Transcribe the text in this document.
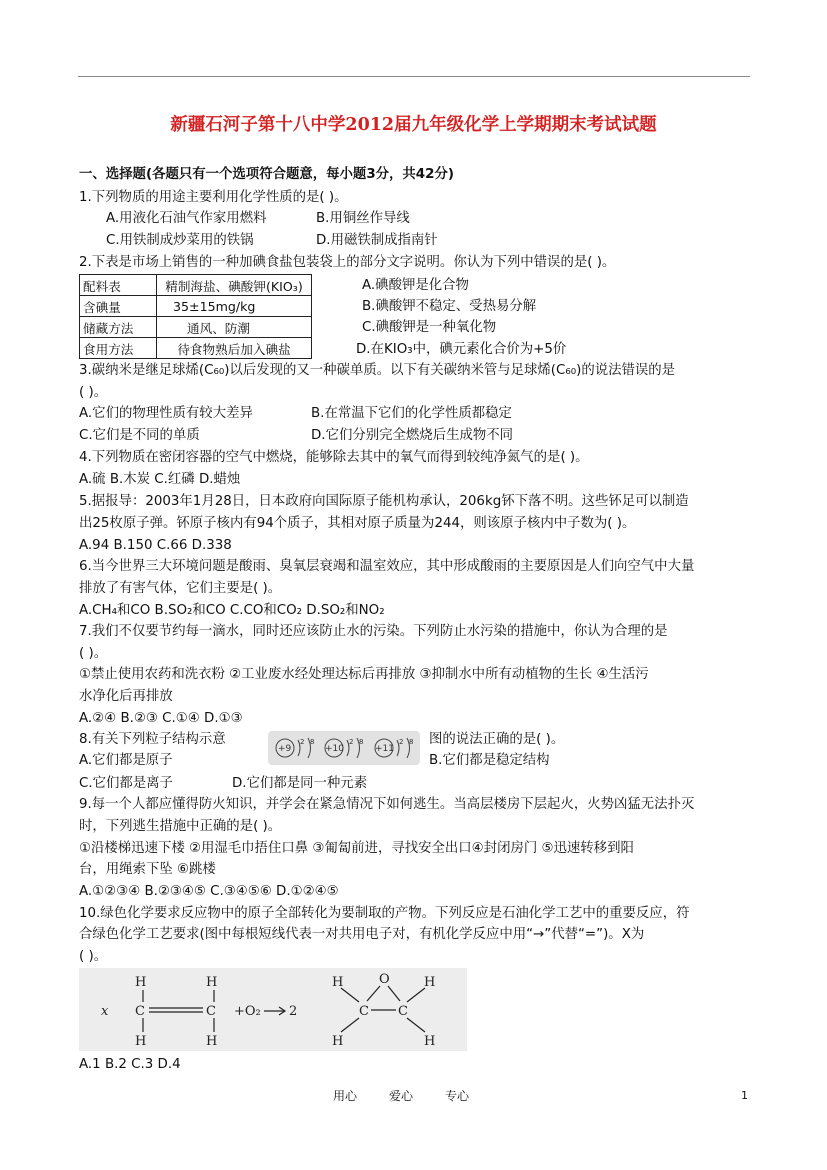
新疆石河子第十八中学2012届九年级化学上学期期末考试试题
一、选择题(各题只有一个选项符合题意，每小题3分，共42分)
1.下列物质的用途主要利用化学性质的是( )。
A.用液化石油气作家用燃料	B.用铜丝作导线
C.用铁制成炒菜用的铁锅	D.用磁铁制成指南针
2.下表是市场上销售的一种加碘食盐包装袋上的部分文字说明。你认为下列中错误的是( )。
配料表	精制海盐、碘酸钾(KIO₃)
含碘量	35±15mg/kg
储藏方法	通风、防潮
食用方法	待食物熟后加入碘盐
A.碘酸钾是化合物
B.碘酸钾不稳定、受热易分解
C.碘酸钾是一种氧化物
D.在KIO₃中，碘元素化合价为+5价
3.碳纳米是继足球烯(C₆₀)以后发现的又一种碳单质。以下有关碳纳米管与足球烯(C₆₀)的说法错误的是
( )。
A.它们的物理性质有较大差异	B.在常温下它们的化学性质都稳定
C.它们是不同的单质	D.它们分别完全燃烧后生成物不同
4.下列物质在密闭容器的空气中燃烧，能够除去其中的氧气而得到较纯净氮气的是( )。
A.硫 B.木炭 C.红磷 D.蜡烛
5.据报导：2003年1月28日，日本政府向国际原子能机构承认，206kg钚下落不明。这些钚足可以制造
出25枚原子弹。钚原子核内有94个质子，其相对原子质量为244，则该原子核内中子数为( )。
A.94 B.150 C.66 D.338
6.当今世界三大环境问题是酸雨、臭氧层衰竭和温室效应，其中形成酸雨的主要原因是人们向空气中大量
排放了有害气体，它们主要是( )。
A.CH₄和CO B.SO₂和CO C.CO和CO₂ D.SO₂和NO₂
7.我们不仅要节约每一滴水，同时还应该防止水的污染。下列防止水污染的措施中，你认为合理的是
( )。
①禁止使用农药和洗衣粉 ②工业废水经处理达标后再排放 ③抑制水中所有动植物的生长 ④生活污
水净化后再排放
A.②④ B.②③ C.①④ D.①③
8.有关下列粒子结构示意
+9
2 8
+10
2 8
+11
2 8 图的说法正确的是( )。
A.它们都是原子	B.它们都是稳定结构
C.它们都是离子	D.它们都是同一种元素
9.每一个人都应懂得防火知识，并学会在紧急情况下如何逃生。当高层楼房下层起火，火势凶猛无法扑灭
时，下列逃生措施中正确的是( )。
①沿楼梯迅速下楼 ②用湿毛巾捂住口鼻 ③匍匐前进，寻找安全出口④封闭房门 ⑤迅速转移到阳
台，用绳索下坠 ⑥跳楼
A.①②③④ B.②③④⑤ C.③④⑤⑥ D.①②④⑤
10.绿色化学要求反应物中的原子全部转化为要制取的产物。下列反应是石油化学工艺中的重要反应，符
合绿色化学工艺要求(图中每根短线代表一对共用电子对，有机化学反应中用“→”代替“=”)。X为
( )。
x
H	H
C	C
H	H
+O₂ 2
H	H
C C
O
H	H
A.1 B.2 C.3 D.4
用心	爱心	专心	1
